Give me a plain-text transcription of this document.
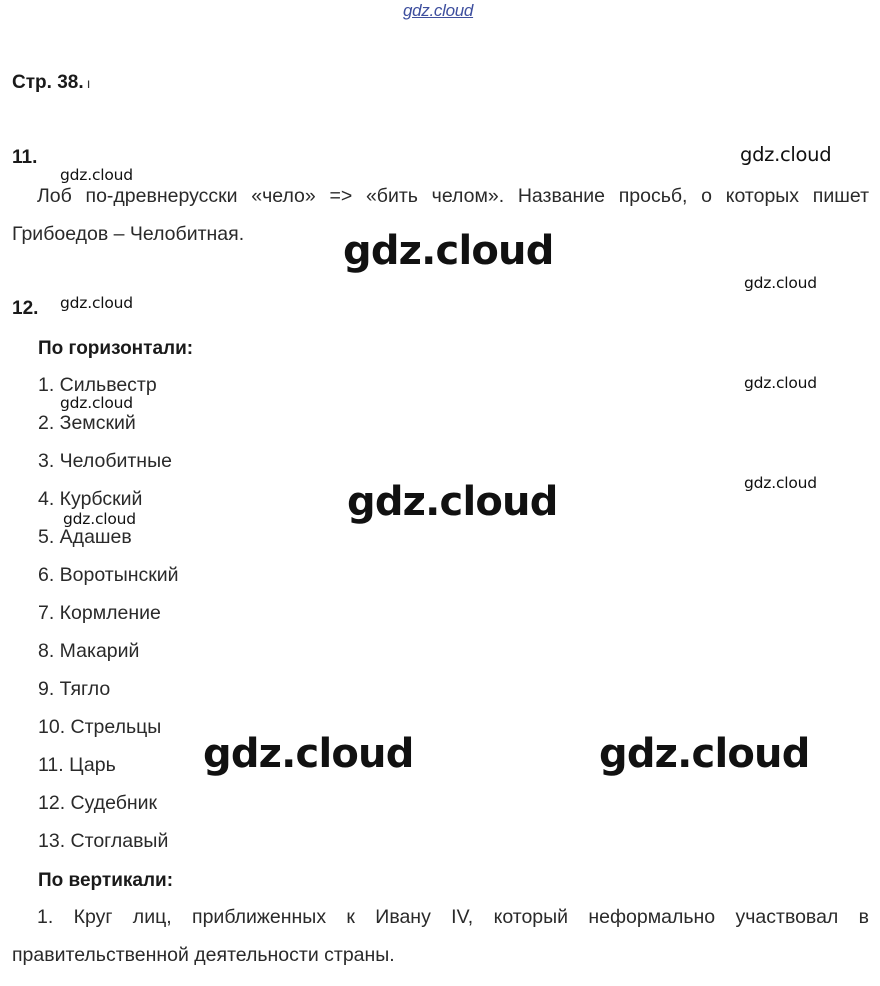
gdz.cloud
Стр. 38. ı
11.
Лоб по-древнерусски «чело» => «бить челом». Название просьб, о которых пишет Грибоедов – Челобитная.
12.
По горизонтали:
1. Сильвестр
2. Земский
3. Челобитные
4. Курбский
5. Адашев
6. Воротынский
7. Кормление
8. Макарий
9. Тягло
10. Стрельцы
11. Царь
12. Судебник
13. Стоглавый
По вертикали:
1. Круг лиц, приближенных к Ивану IV, который неформально участвовал в правительственной деятельности страны.
gdz.cloud
gdz.cloud
gdz.cloud
gdz.cloud
gdz.cloud
gdz.cloud
gdz.cloud
gdz.cloud
gdz.cloud
gdz.cloud
gdz.cloud	gdz.cloud
